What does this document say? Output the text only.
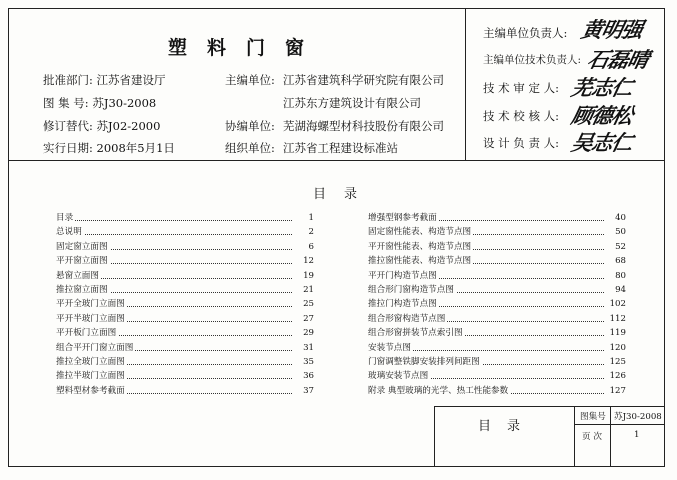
塑料门窗
批准部门: 江苏省建设厅
图 集 号: 苏J30-2008
修订替代: 苏J02-2000
实行日期: 2008年5月1日
主编单位: 江苏省建筑科学研究院有限公司
江苏东方建筑设计有限公司
协编单位: 芜湖海螺型材科技股份有限公司
组织单位: 江苏省工程建设标准站
主编单位负责人: 黄明强
主编单位技术负责人: 石磊晴
技 术 审 定 人: 芜志仁
技 术 校 核 人: 顾德松
设 计 负 责 人: 吴志仁
目录
目录	1
总说明	2
固定窗立面图	6
平开窗立面图	12
悬窗立面图	19
推拉窗立面图	21
平开全玻门立面图	25
平开半玻门立面图	27
平开板门立面图	29
组合平开门窗立面图	31
推拉全玻门立面图	35
推拉半玻门立面图	36
塑料型材参考截面	37
增强型钢参考截面	40
固定窗性能表、构造节点图	50
平开窗性能表、构造节点图	52
推拉窗性能表、构造节点图	68
平开门构造节点图	80
组合形门窗构造节点图	94
推拉门构造节点图	102
组合形窗构造节点图	112
组合形窗拼装节点索引图	119
安装节点图	120
门窗调整铁脚安装排列间距图	125
玻璃安装节点图	126
附录 典型玻璃的光学、热工性能参数	127
目录
图集号 苏J30-2008
页 次	1
